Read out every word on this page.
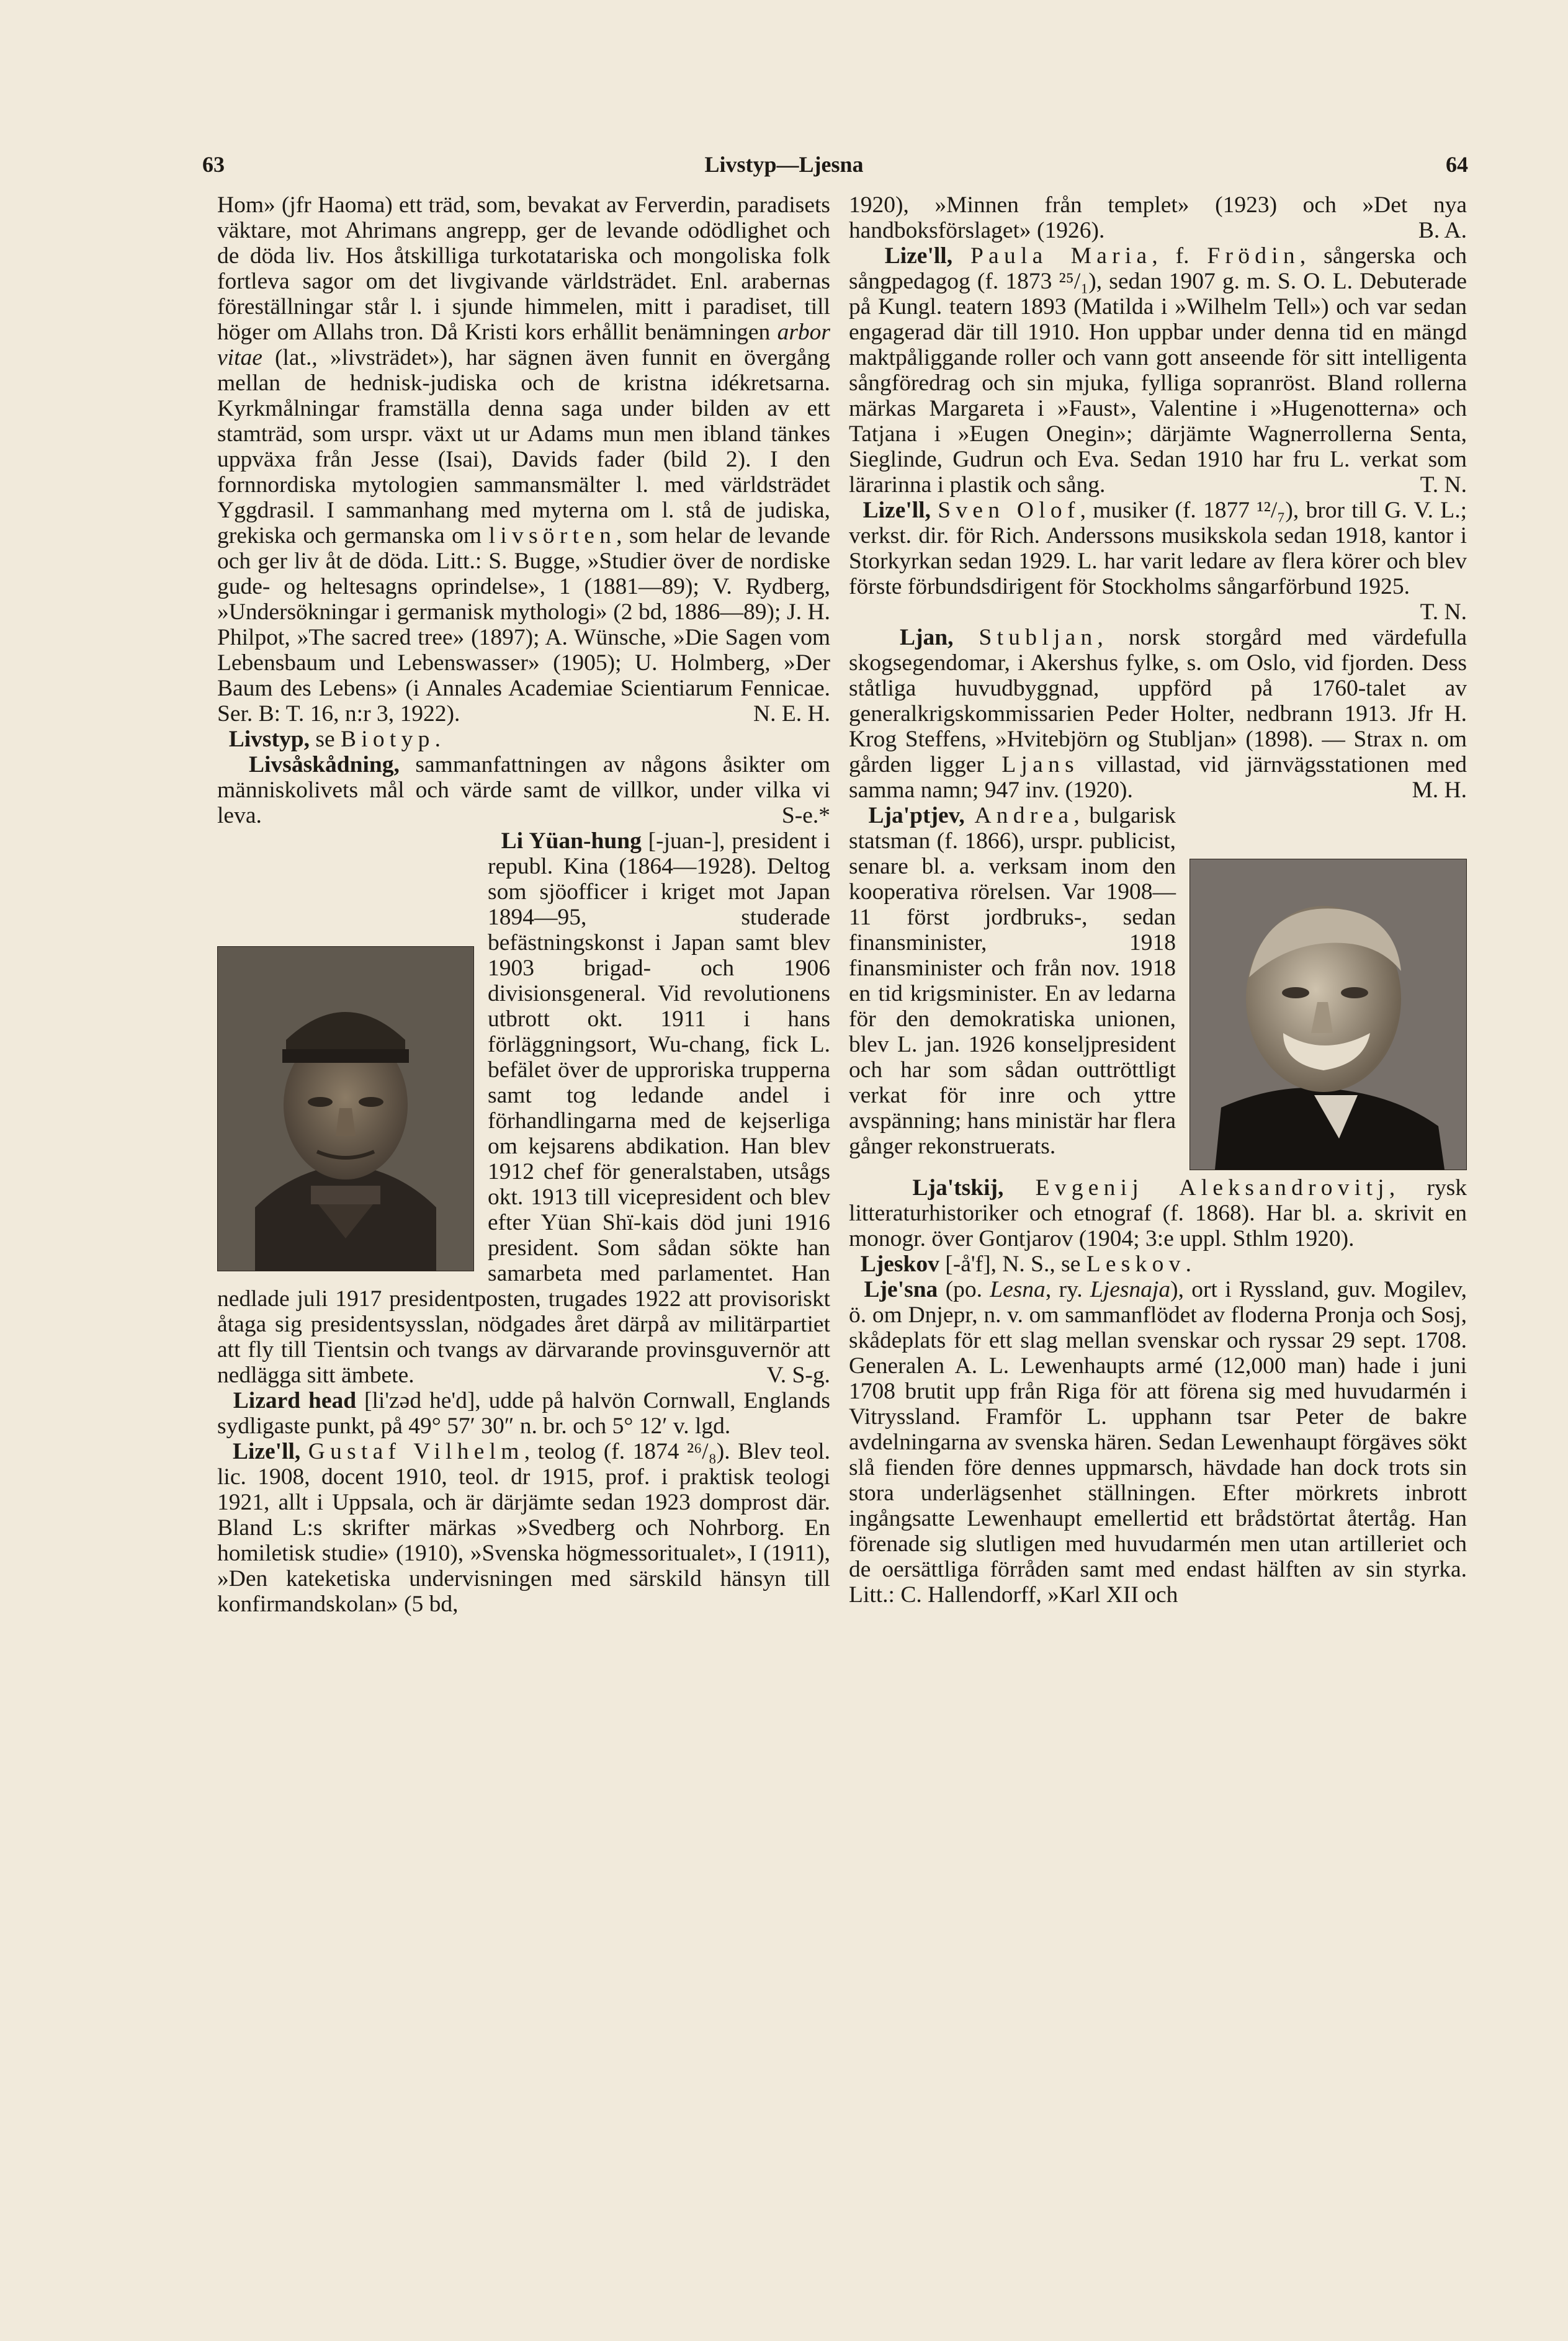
63	Livstyp—Ljesna	64

Hom» (jfr Haoma) ett träd, som, bevakat av Ferverdin, paradisets väktare, mot Ahrimans angrepp, ger de levande odödlighet och de döda liv. Hos åtskilliga turkotatariska och mongoliska folk fortleva sagor om det livgivande världsträdet. Enl. arabernas föreställningar står l. i sjunde himmelen, mitt i paradiset, till höger om Allahs tron. Då Kristi kors erhållit benämningen arbor vitae (lat., »livsträdet»), har sägnen även funnit en övergång mellan de hednisk-judiska och de kristna idékretsarna. Kyrkmålningar framställa denna saga under bilden av ett stamträd, som urspr. växt ut ur Adams mun men ibland tänkes uppväxa från Jesse (Isai), Davids fader (bild 2). I den fornnordiska mytologien sammansmälter l. med världsträdet Yggdrasil. I sammanhang med myterna om l. stå de judiska, grekiska och germanska om livsörten, som helar de levande och ger liv åt de döda. Litt.: S. Bugge, »Studier över de nordiske gude- og heltesagns oprindelse», 1 (1881—89); V. Rydberg, »Undersökningar i germanisk mythologi» (2 bd, 1886—89); J. H. Philpot, »The sacred tree» (1897); A. Wünsche, »Die Sagen vom Lebensbaum und Lebenswasser» (1905); U. Holmberg, »Der Baum des Lebens» (i Annales Academiae Scientiarum Fennicae. Ser. B: T. 16, n:r 3, 1922).	N. E. H.

Livstyp, se Biotyp.

Livsåskådning, sammanfattningen av någons åsikter om människolivets mål och värde samt de villkor, under vilka vi leva.	S-e.*

Li Yüan-hung [-juan-], president i republ. Kina (1864—1928). Deltog som sjöofficer i kriget mot Japan 1894—95, studerade befästningskonst i Japan samt blev 1903 brigad- och 1906 divisionsgeneral. Vid revolutionens utbrott okt. 1911 i hans förläggningsort, Wu-chang, fick L. befälet över de upproriska trupperna samt tog ledande andel i förhandlingarna med de kejserliga om kejsarens abdikation. Han blev 1912 chef för generalstaben, utsågs okt. 1913 till vicepresident och blev efter Yüan Shï-kais död juni 1916 president. Som sådan sökte han samarbeta med parlamentet. Han nedlade juli 1917 presidentposten, trugades 1922 att provisoriskt åtaga sig presidentsysslan, nödgades året därpå av militärpartiet att fly till Tientsin och tvangs av därvarande provinsguvernör att nedlägga sitt ämbete.	V. S-g.

Lizard head [li'zəd he'd], udde på halvön Cornwall, Englands sydligaste punkt, på 49° 57′ 30″ n. br. och 5° 12′ v. lgd.

Lize'll, Gustaf Vilhelm, teolog (f. 1874 ²⁶/₈). Blev teol. lic. 1908, docent 1910, teol. dr 1915, prof. i praktisk teologi 1921, allt i Uppsala, och är därjämte sedan 1923 domprost där. Bland L:s skrifter märkas »Svedberg och Nohrborg. En homiletisk studie» (1910), »Svenska högmessoritualet», I (1911), »Den kateketiska undervisningen med särskild hänsyn till konfirmandskolan» (5 bd,

1920), »Minnen från templet» (1923) och »Det nya handboksförslaget» (1926).	B. A.

Lize'll, Paula Maria, f. Frödin, sångerska och sångpedagog (f. 1873 ²⁵/₁), sedan 1907 g. m. S. O. L. Debuterade på Kungl. teatern 1893 (Matilda i »Wilhelm Tell») och var sedan engagerad där till 1910. Hon uppbar under denna tid en mängd maktpåliggande roller och vann gott anseende för sitt intelligenta sångföredrag och sin mjuka, fylliga sopranröst. Bland rollerna märkas Margareta i »Faust», Valentine i »Hugenotterna» och Tatjana i »Eugen Onegin»; därjämte Wagnerrollerna Senta, Sieglinde, Gudrun och Eva. Sedan 1910 har fru L. verkat som lärarinna i plastik och sång.	T. N.

Lize'll, Sven Olof, musiker (f. 1877 ¹²/₇), bror till G. V. L.; verkst. dir. för Rich. Anderssons musikskola sedan 1918, kantor i Storkyrkan sedan 1929. L. har varit ledare av flera körer och blev förste förbundsdirigent för Stockholms sångarförbund 1925.
T. N.

Ljan, Stubljan, norsk storgård med värdefulla skogsegendomar, i Akershus fylke, s. om Oslo, vid fjorden. Dess ståtliga huvudbyggnad, uppförd på 1760-talet av generalkrigskommissarien Peder Holter, nedbrann 1913. Jfr H. Krog Steffens, »Hvitebjörn og Stubljan» (1898). — Strax n. om gården ligger Ljans villastad, vid järnvägsstationen med samma namn; 947 inv. (1920).	M. H.

Lja'ptjev, Andrea, bulgarisk statsman (f. 1866), urspr. publicist, senare bl. a. verksam inom den kooperativa rörelsen. Var 1908—11 först jordbruks-, sedan finansminister, 1918 finansminister och från nov. 1918 en tid krigsminister. En av ledarna för den demokratiska unionen, blev L. jan. 1926 konseljpresident och har som sådan outtröttligt verkat för inre och yttre avspänning; hans ministär har flera gånger rekonstruerats.

Lja'tskij, Evgenij Aleksandrovitj, rysk litteraturhistoriker och etnograf (f. 1868). Har bl. a. skrivit en monogr. över Gontjarov (1904; 3:e uppl. Sthlm 1920).

Ljeskov [-å'f], N. S., se Leskov.

Lje'sna (po. Lesna, ry. Ljesnaja), ort i Ryssland, guv. Mogilev, ö. om Dnjepr, n. v. om sammanflödet av floderna Pronja och Sosj, skådeplats för ett slag mellan svenskar och ryssar 29 sept. 1708. Generalen A. L. Lewenhaupts armé (12,000 man) hade i juni 1708 brutit upp från Riga för att förena sig med huvudarmén i Vitryssland. Framför L. upphann tsar Peter de bakre avdelningarna av svenska hären. Sedan Lewenhaupt förgäves sökt slå fienden före dennes uppmarsch, hävdade han dock trots sin stora underlägsenhet ställningen. Efter mörkrets inbrott ingångsatte Lewenhaupt emellertid ett brådstörtat återtåg. Han förenade sig slutligen med huvudarmén men utan artilleriet och de oersättliga förråden samt med endast hälften av sin styrka. Litt.: C. Hallendorff, »Karl XII och
